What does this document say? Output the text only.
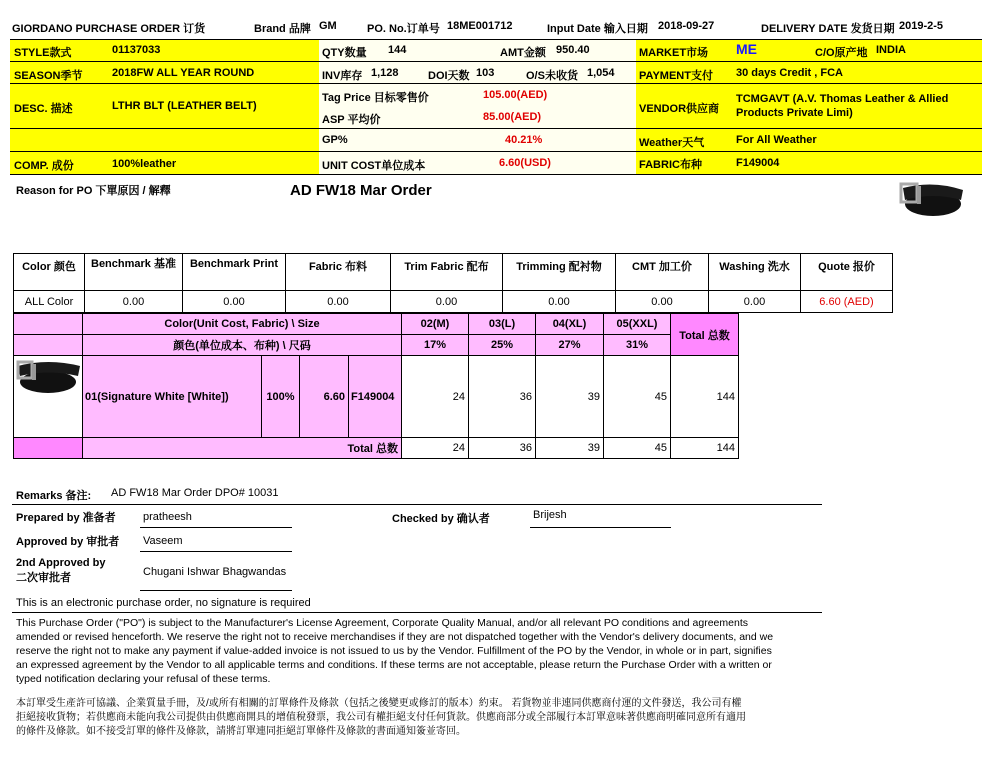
GIORDANO PURCHASE ORDER 订货	Brand 品牌 GM	PO. No.订单号 18ME001712	Input Date 输入日期 2018-09-27	DELIVERY DATE 发货日期 2019-2-5
STYLE款式	01137033
SEASON季节	2018FW ALL YEAR ROUND
DESC. 描述	LTHR BLT (LEATHER BELT)
COMP. 成份	100%leather
QTY数量 144	AMT金额 950.40
INV库存 1,128	DOI天数 103	O/S未收货 1,054
Tag Price 目标零售价	105.00(AED)
ASP 平均价	85.00(AED)
GP%	40.21%
UNIT COST单位成本	6.60(USD)
MARKET市场 ME	C/O原产地 INDIA
PAYMENT支付 30 days Credit , FCA
VENDOR供应商
TCMGAVT (A.V. Thomas Leather & Allied
Products Private Limi)
Weather天气	For All Weather
FABRIC布种	F149004
Reason for PO 下單原因 / 解釋	AD FW18 Mar Order
Color 颜色	Benchmark 基准	Benchmark Print	Fabric 布料	Trim Fabric 配布	Trimming 配衬物	CMT 加工价	Washing 洗水	Quote 报价
ALL Color	0.00	0.00	0.00	0.00	0.00	0.00	0.00	6.60 (AED)
	Color(Unit Cost, Fabric) \ Size				02(M)	03(L)	04(XL)	05(XXL)	Total 总数
	颜色(单位成本、布种) \ 尺码				17%	25%	27%	31%	
	01(Signature White [White])	100%	6.60	F149004	24	36	39	45	144
	Total 总数				24	36	39	45	144
Remarks 备注: AD FW18 Mar Order DPO# 10031
Prepared by 准备者 pratheesh	Checked by 确认者	Brijesh
Approved by 审批者 Vaseem
2nd Approved by
二次审批者	Chugani Ishwar Bhagwandas
This is an electronic purchase order, no signature is required
This Purchase Order ("PO") is subject to the Manufacturer's License Agreement, Corporate Quality Manual, and/or all relevant PO conditions and agreements
amended or revised henceforth. We reserve the right not to receive merchandises if they are not dispatched together with the Vendor's delivery documents, and we
reserve the right not to make any payment if value-added invoice is not issued to us by the Vendor. Fulfillment of the PO by the Vendor, in whole or in part, signifies
an expressed agreement by the Vendor to all applicable terms and conditions. If these terms are not acceptable, please return the Purchase Order with a written or
typed notification declaring your refusal of these terms.
本訂單受生產許可協議、企業質量手冊，及/或所有相關的訂單條件及條款（包括之後變更或修訂的版本）約束。 若貨物並非連同供應商付運的文件發送，我公司有權
拒絕接收貨物；若供應商未能向我公司提供由供應商開具的增值稅發票，我公司有權拒絕支付任何貨款。供應商部分或全部履行本訂單意味著供應商明確同意所有適用
的條件及條款。如不接受訂單的條件及條款，請將訂單連同拒絕訂單條件及條款的書面通知簽並寄回。
